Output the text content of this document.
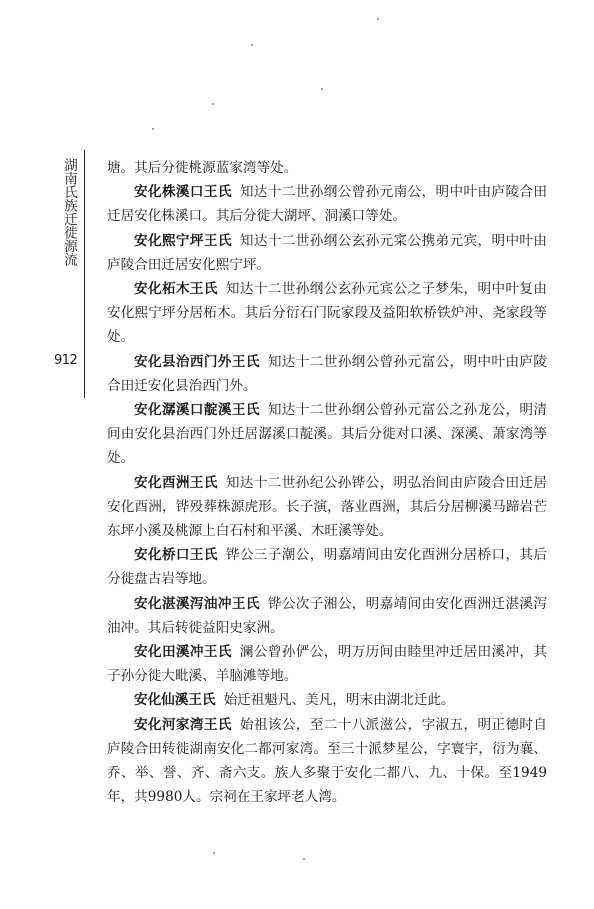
湖南氏族迁徙源流
912

塘。其后分徙桃源蓝家湾等处。

安化株溪口王氏 知达十二世孙纲公曾孙元南公，明中叶由庐陵合田迁居安化株溪口。其后分徙大湖坪、洞溪口等处。

安化熙宁坪王氏 知达十二世孙纲公玄孙元寀公携弟元宾，明中叶由庐陵合田迁居安化熙宁坪。

安化柘木王氏 知达十二世孙纲公玄孙元宾公之子梦朱，明中叶复由安化熙宁坪分居柘木。其后分衍石门阮家段及益阳软桥铁炉冲、尧家段等处。

安化县治西门外王氏 知达十二世孙纲公曾孙元富公，明中叶由庐陵合田迁安化县治西门外。

安化潺溪口靛溪王氏 知达十二世孙纲公曾孙元富公之孙龙公，明清间由安化县治西门外迁居潺溪口靛溪。其后分徙对口溪、深溪、萧家湾等处。

安化酉洲王氏 知达十二世孙纪公孙铧公，明弘治间由庐陵合田迁居安化酉洲，铧殁葬株源虎形。长子演，落业酉洲，其后分居柳溪马蹄岩芒东坪小溪及桃源上白石村和平溪、木旺溪等处。

安化桥口王氏 铧公三子潮公，明嘉靖间由安化酉洲分居桥口，其后分徙盘古岩等地。

安化湛溪泻油冲王氏 铧公次子湘公，明嘉靖间由安化酉洲迁湛溪泻油冲。其后转徙益阳史家洲。

安化田溪冲王氏 澜公曾孙俨公，明万历间由睦里冲迁居田溪冲，其子孙分徙大毗溪、羊脑滩等地。

安化仙溪王氏 始迁祖魁凡、美凡，明末由湖北迁此。

安化河家湾王氏 始祖该公，至二十八派滋公，字淑五，明正德时自庐陵合田转徙湖南安化二都河家湾。至三十派梦星公，字寰宇，衍为襄、乔、举、誉、齐、斋六支。族人多聚于安化二都八、九、十保。至1949年，共9980人。宗祠在王家坪老人湾。
